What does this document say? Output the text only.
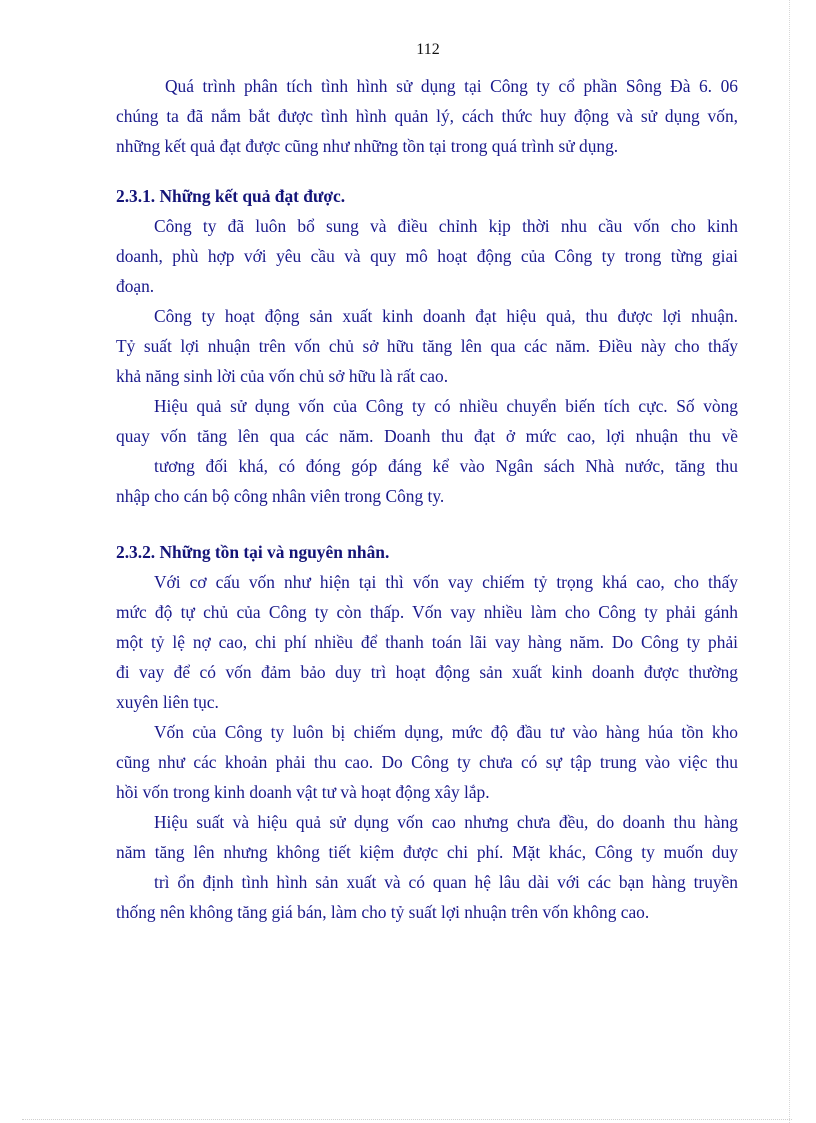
112
Quá trình phân tích tình hình sử dụng tại Công ty cổ phần Sông Đà 6. 06
chúng ta đã nắm bắt được tình hình quản lý, cách thức huy động và sử dụng vốn,
những kết quả đạt được cũng như những tồn tại trong quá trình sử dụng.
2.3.1. Những kết quả đạt được.
Công ty đã luôn bổ sung và điều chỉnh kịp thời nhu cầu vốn cho kinh
doanh, phù hợp với yêu cầu và quy mô hoạt động của Công ty trong từng giai
đoạn.
Công ty hoạt động sản xuất kinh doanh đạt hiệu quả, thu được lợi nhuận.
Tỷ suất lợi nhuận trên vốn chủ sở hữu tăng lên qua các năm. Điều này cho thấy
khả năng sinh lời của vốn chủ sở hữu là rất cao.
Hiệu quả sử dụng vốn của Công ty có nhiều chuyển biến tích cực. Số vòng
quay vốn tăng lên qua các năm. Doanh thu đạt ở mức cao, lợi nhuận thu về
tương đối khá, có đóng góp đáng kể vào Ngân sách Nhà nước, tăng thu
nhập cho cán bộ công nhân viên trong Công ty.
2.3.2. Những tồn tại và nguyên nhân.
Với cơ cấu vốn như hiện tại thì vốn vay chiếm tỷ trọng khá cao, cho thấy
mức độ tự chủ của Công ty còn thấp. Vốn vay nhiều làm cho Công ty phải gánh
một tỷ lệ nợ cao, chi phí nhiều để thanh toán lãi vay hàng năm. Do Công ty phải
đi vay để có vốn đảm bảo duy trì hoạt động sản xuất kinh doanh được thường
xuyên liên tục.
Vốn của Công ty luôn bị chiếm dụng, mức độ đầu tư vào hàng húa tồn kho
cũng như các khoản phải thu cao. Do Công ty chưa có sự tập trung vào việc thu
hồi vốn trong kinh doanh vật tư và hoạt động xây lắp.
Hiệu suất và hiệu quả sử dụng vốn cao nhưng chưa đều, do doanh thu hàng
năm tăng lên nhưng không tiết kiệm được chi phí. Mặt khác, Công ty muốn duy
trì ổn định tình hình sản xuất và có quan hệ lâu dài với các bạn hàng truyền
thống nên không tăng giá bán, làm cho tỷ suất lợi nhuận trên vốn không cao.
